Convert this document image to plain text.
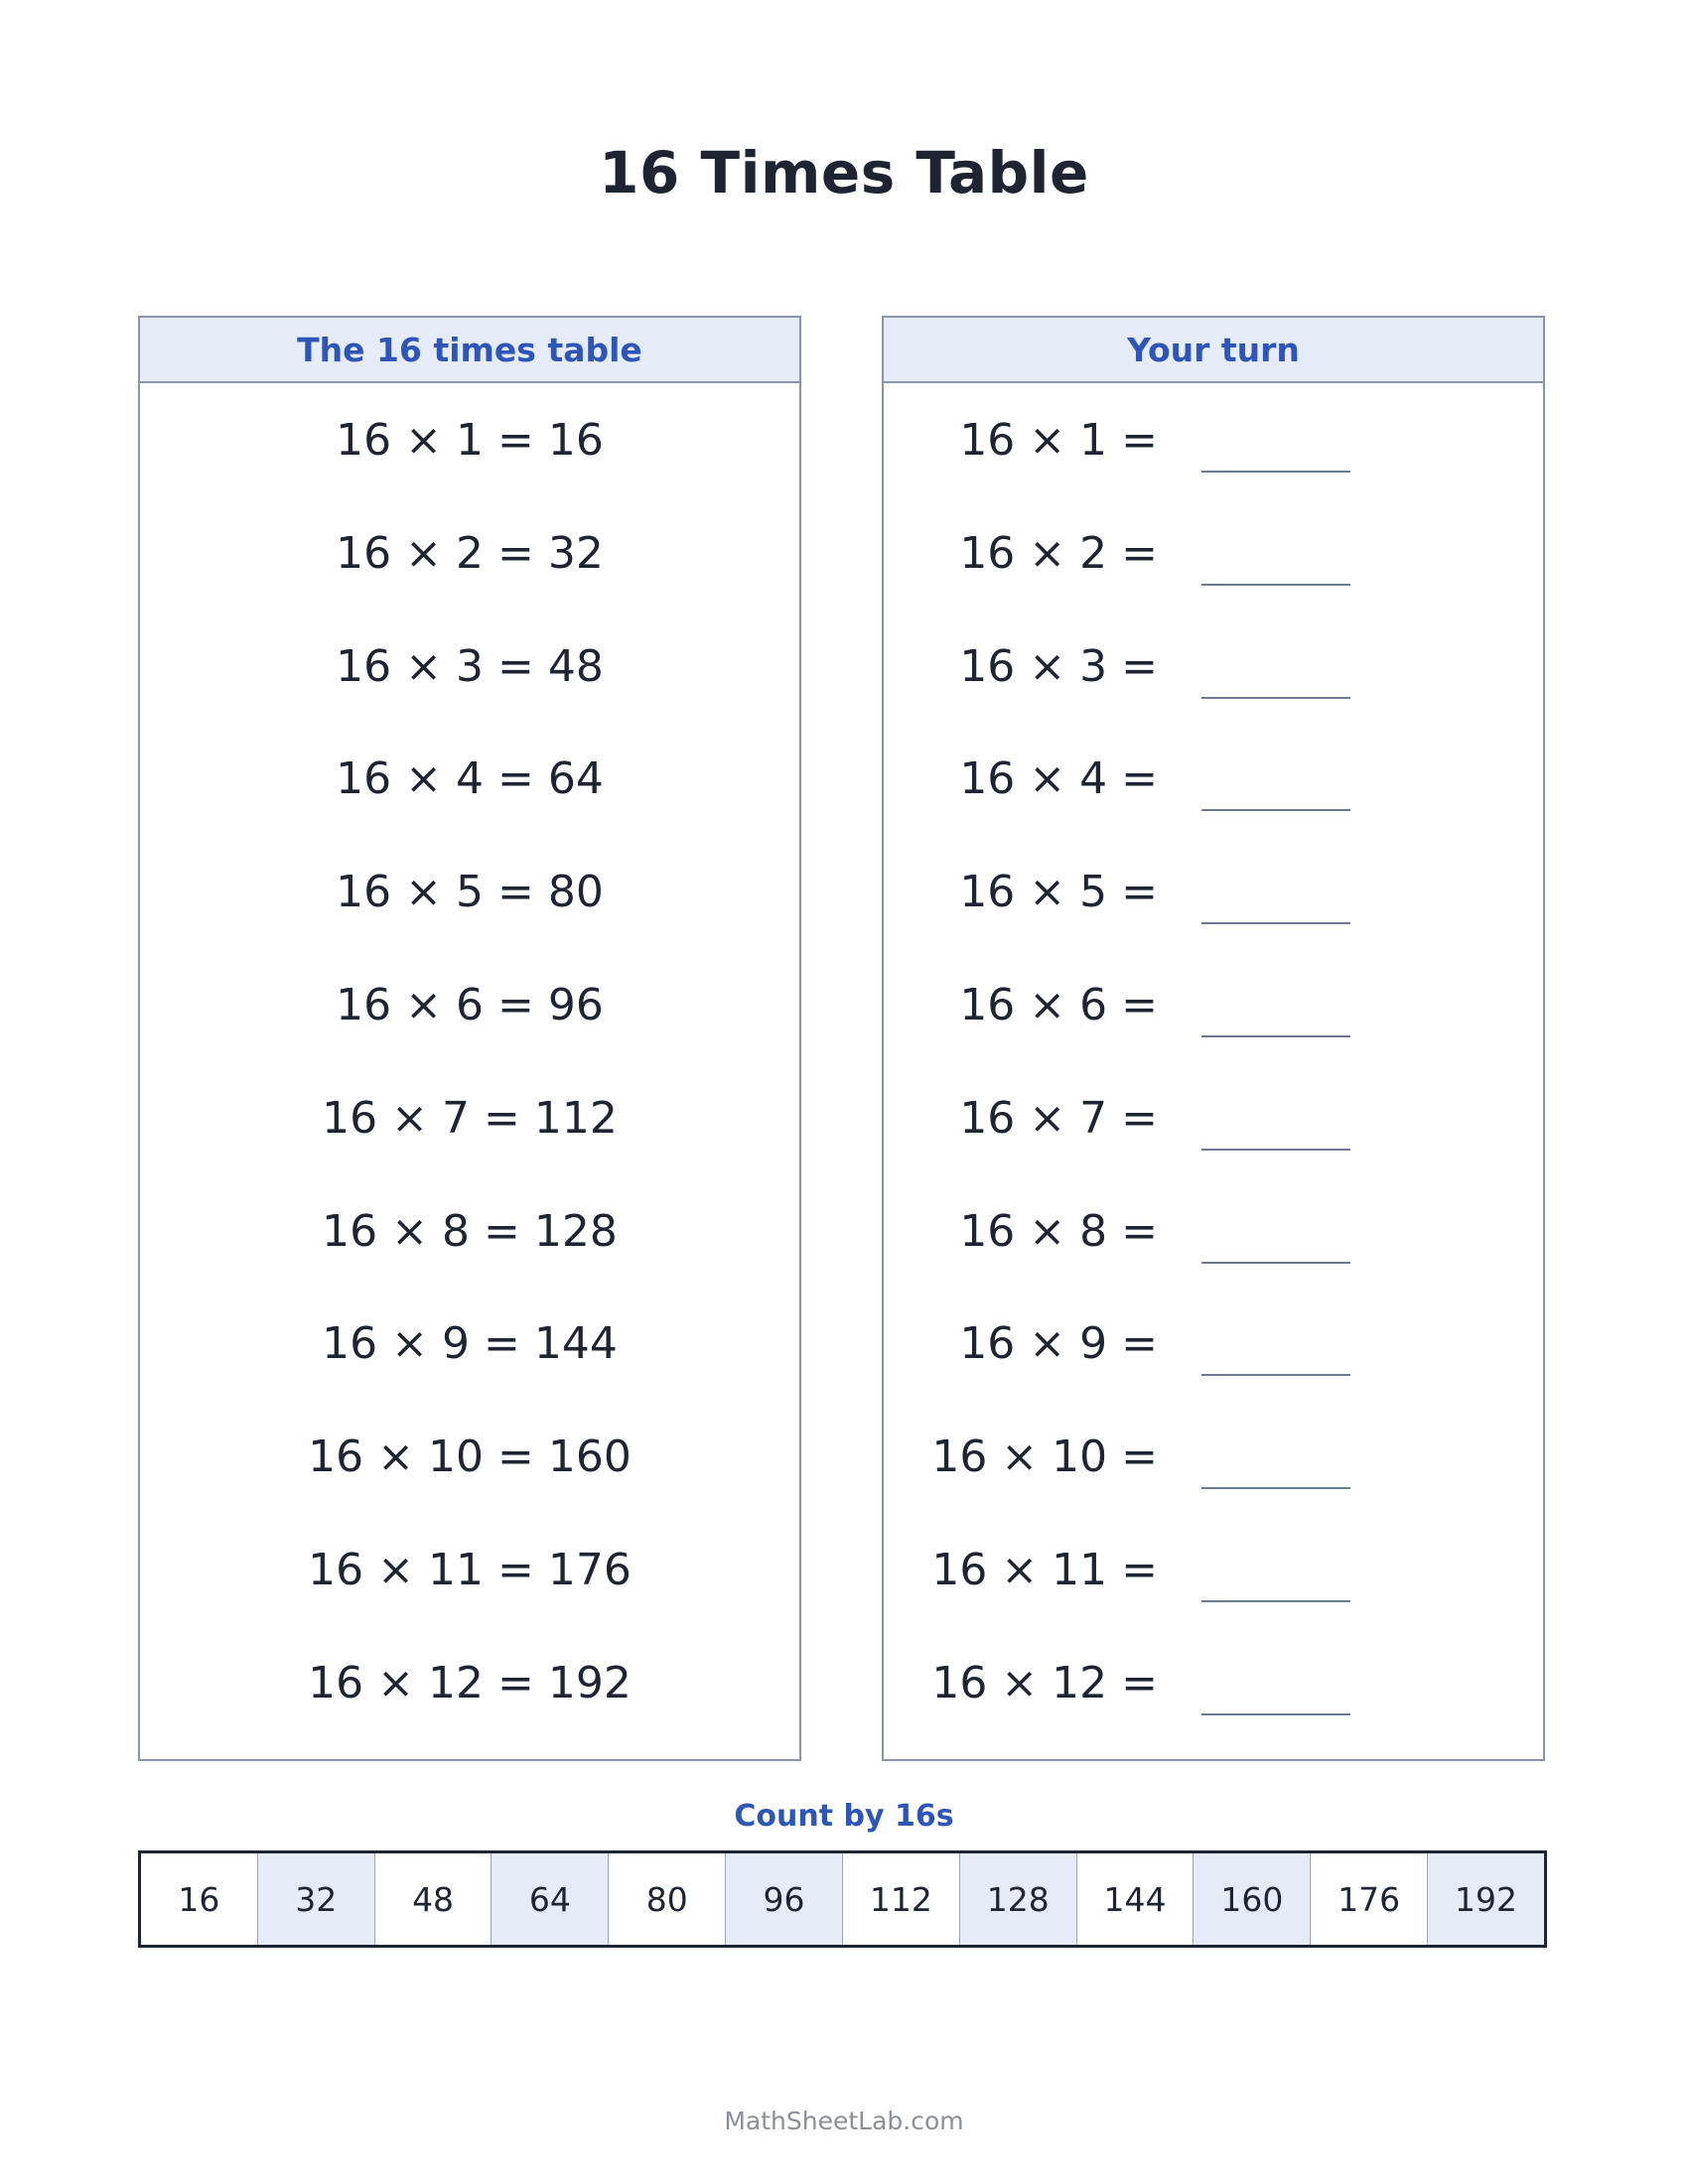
16 Times Table
The 16 times table
16 × 1 = 16
16 × 2 = 32
16 × 3 = 48
16 × 4 = 64
16 × 5 = 80
16 × 6 = 96
16 × 7 = 112
16 × 8 = 128
16 × 9 = 144
16 × 10 = 160
16 × 11 = 176
16 × 12 = 192
Your turn
16 × 1 =
16 × 2 =
16 × 3 =
16 × 4 =
16 × 5 =
16 × 6 =
16 × 7 =
16 × 8 =
16 × 9 =
16 × 10 =
16 × 11 =
16 × 12 =
Count by 16s
16	32	48	64	80	96	112	128	144	160	176	192
MathSheetLab.com
